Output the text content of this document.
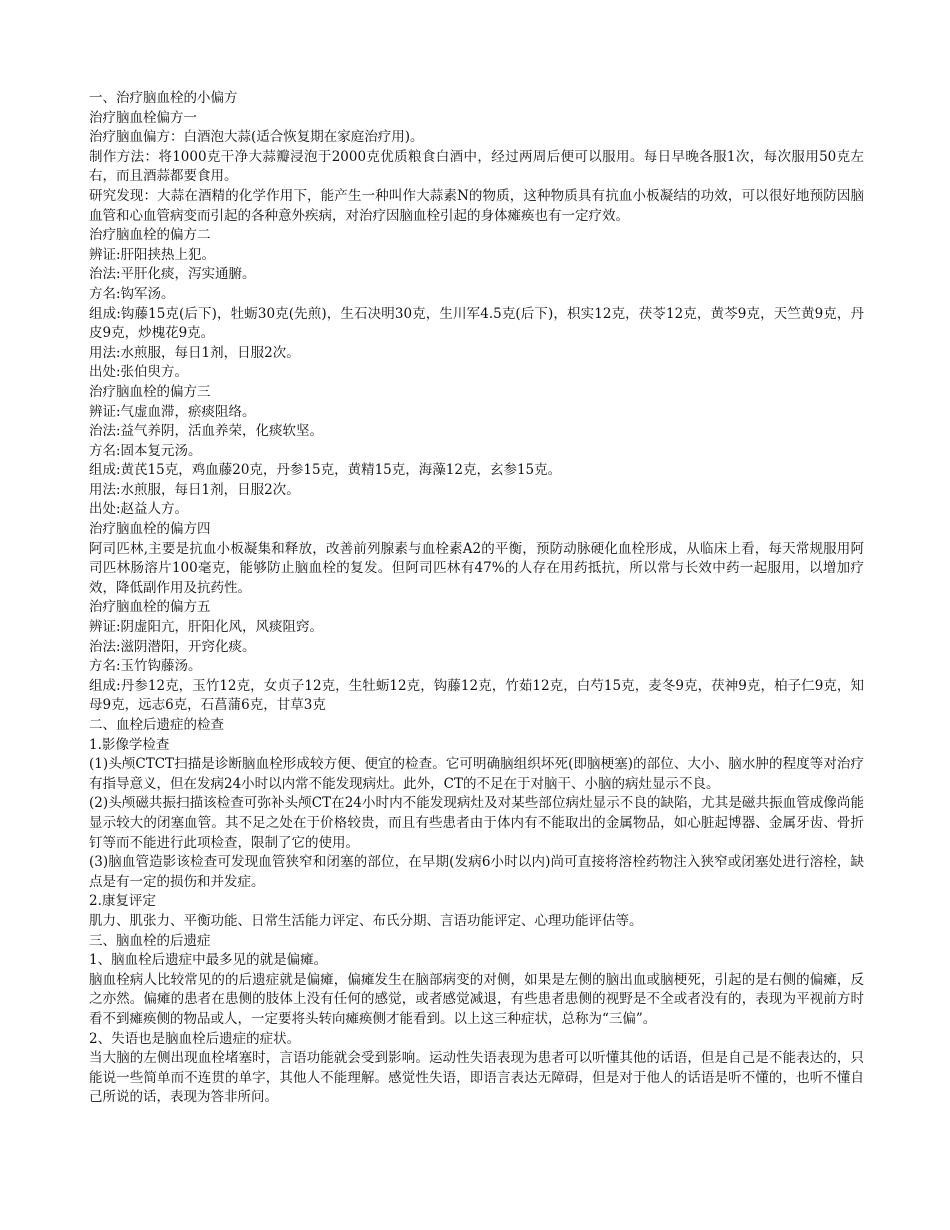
一、治疗脑血栓的小偏方

治疗脑血栓偏方一

治疗脑血偏方：白酒泡大蒜(适合恢复期在家庭治疗用)。

制作方法：将1000克干净大蒜瓣浸泡于2000克优质粮食白酒中，经过两周后便可以服用。每日早晚各服1次，每次服用50克左右，而且酒蒜都要食用。

研究发现：大蒜在酒精的化学作用下，能产生一种叫作大蒜素N的物质，这种物质具有抗血小板凝结的功效，可以很好地预防因脑血管和心血管病变而引起的各种意外疾病，对治疗因脑血栓引起的身体瘫痪也有一定疗效。

治疗脑血栓的偏方二

辨证:肝阳挟热上犯。

治法:平肝化痰，泻实通腑。

方名:钩军汤。

组成:钩藤15克(后下)，牡蛎30克(先煎)，生石决明30克，生川军4.5克(后下)，枳实12克，茯苓12克，黄芩9克，天竺黄9克，丹皮9克，炒槐花9克。

用法:水煎服，每日1剂，日服2次。

出处:张伯臾方。

治疗脑血栓的偏方三

辨证:气虚血滞，瘀痰阻络。

治法:益气养阴，活血养荣，化痰软坚。

方名:固本复元汤。

组成:黄芪15克，鸡血藤20克，丹参15克，黄精15克，海藻12克，玄参15克。

用法:水煎服，每日1剂，日服2次。

出处:赵益人方。

治疗脑血栓的偏方四

阿司匹林,主要是抗血小板凝集和释放，改善前列腺素与血栓素A2的平衡，预防动脉硬化血栓形成，从临床上看，每天常规服用阿司匹林肠溶片100毫克，能够防止脑血栓的复发。但阿司匹林有47%的人存在用药抵抗，所以常与长效中药一起服用，以增加疗效，降低副作用及抗药性。

治疗脑血栓的偏方五

辨证:阴虚阳亢，肝阳化风，风痰阻窍。

治法:滋阴潜阳，开窍化痰。

方名:玉竹钩藤汤。

组成:丹参12克，玉竹12克，女贞子12克，生牡蛎12克，钩藤12克，竹茹12克，白芍15克，麦冬9克，茯神9克，柏子仁9克，知母9克，远志6克，石菖蒲6克，甘草3克

二、血栓后遗症的检查

1.影像学检查

(1)头颅CTCT扫描是诊断脑血栓形成较方便、便宜的检查。它可明确脑组织坏死(即脑梗塞)的部位、大小、脑水肿的程度等对治疗有指导意义，但在发病24小时以内常不能发现病灶。此外，CT的不足在于对脑干、小脑的病灶显示不良。

(2)头颅磁共振扫描该检查可弥补头颅CT在24小时内不能发现病灶及对某些部位病灶显示不良的缺陷，尤其是磁共振血管成像尚能显示较大的闭塞血管。其不足之处在于价格较贵，而且有些患者由于体内有不能取出的金属物品，如心脏起博器、金属牙齿、骨折钉等而不能进行此项检查，限制了它的使用。

(3)脑血管造影该检查可发现血管狭窄和闭塞的部位，在早期(发病6小时以内)尚可直接将溶栓药物注入狭窄或闭塞处进行溶栓，缺点是有一定的损伤和并发症。

2.康复评定

肌力、肌张力、平衡功能、日常生活能力评定、布氏分期、言语功能评定、心理功能评估等。

三、脑血栓的后遗症

1、脑血栓后遗症中最多见的就是偏瘫。

脑血栓病人比较常见的的后遗症就是偏瘫，偏瘫发生在脑部病变的对侧，如果是左侧的脑出血或脑梗死，引起的是右侧的偏瘫，反之亦然。偏瘫的患者在患侧的肢体上没有任何的感觉，或者感觉减退，有些患者患侧的视野是不全或者没有的，表现为平视前方时看不到瘫痪侧的物品或人，一定要将头转向瘫痪侧才能看到。以上这三种症状，总称为“三偏”。

2、失语也是脑血栓后遗症的症状。

当大脑的左侧出现血栓堵塞时，言语功能就会受到影响。运动性失语表现为患者可以听懂其他的话语，但是自己是不能表达的，只能说一些简单而不连贯的单字，其他人不能理解。感觉性失语，即语言表达无障碍，但是对于他人的话语是听不懂的，也听不懂自己所说的话，表现为答非所问。
